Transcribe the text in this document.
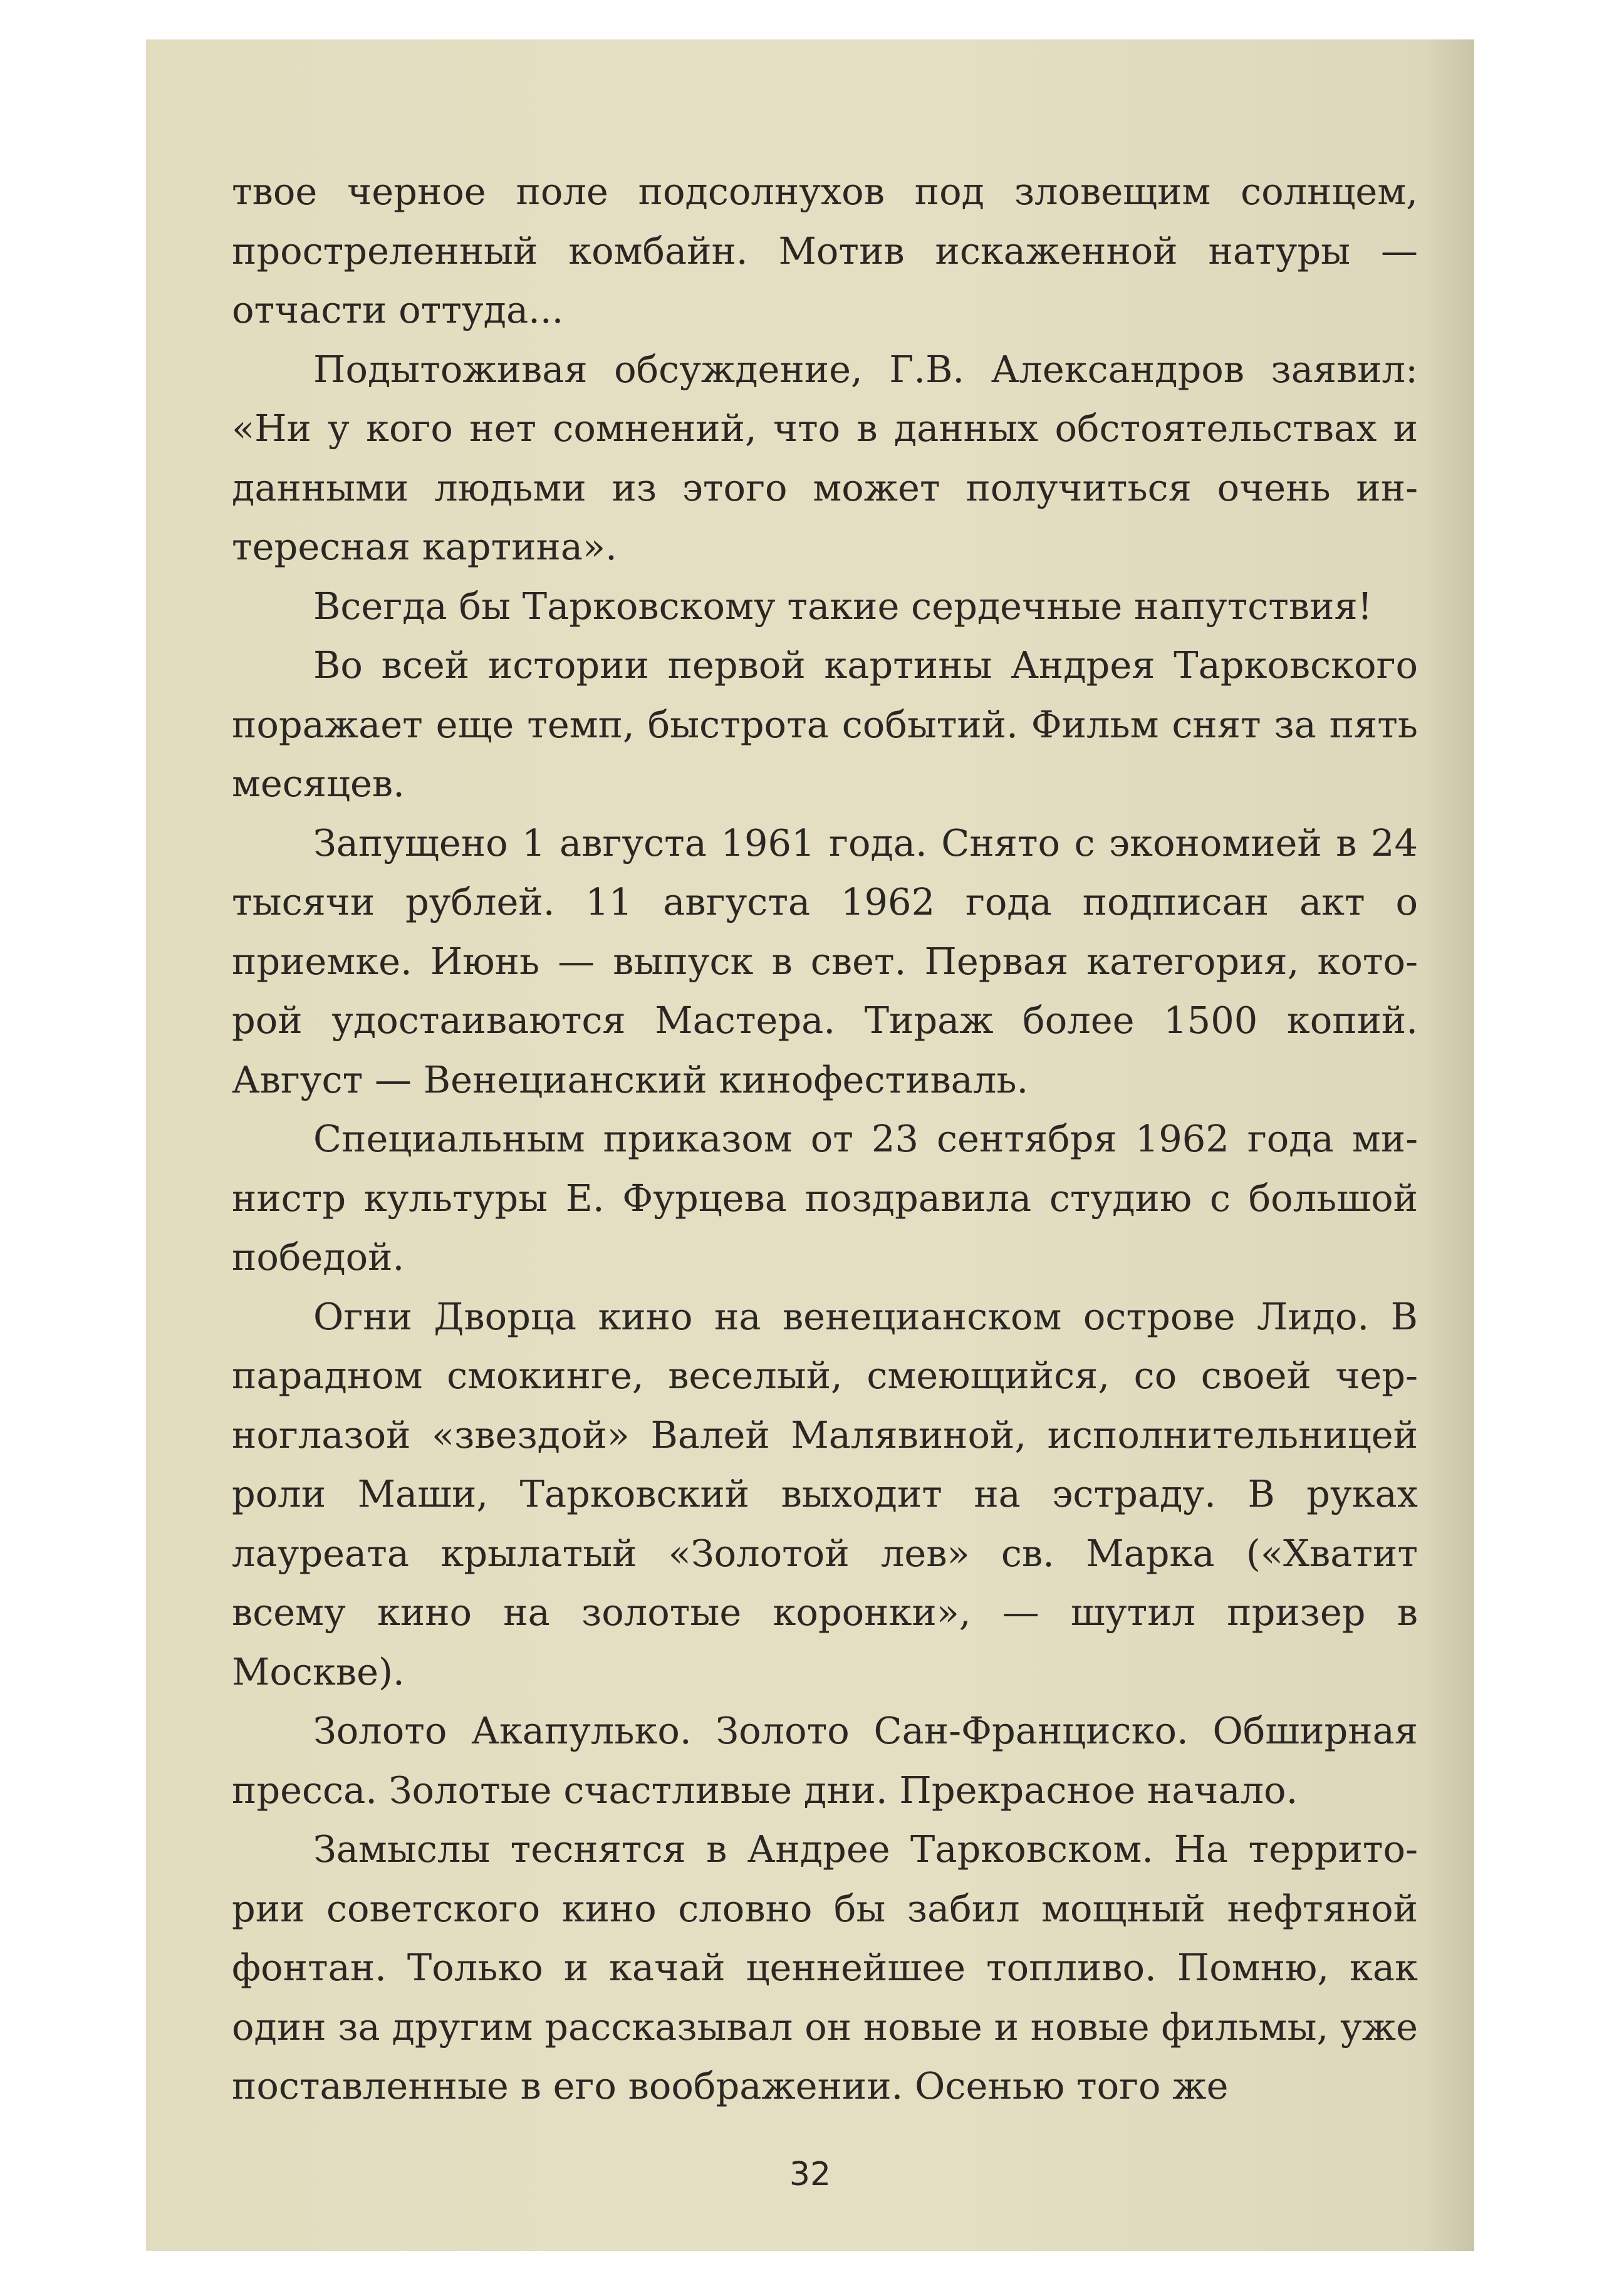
твое черное поле подсолнухов под зловещим солнцем, простреленный комбайн. Мотив искаженной натуры — отчасти оттуда...

Подытоживая обсуждение, Г.В. Александров заявил: «Ни у кого нет сомнений, что в данных обстоятельствах и данными людьми из этого может получиться очень интересная картина».

Всегда бы Тарковскому такие сердечные напутствия!

Во всей истории первой картины Андрея Тарковского поражает еще темп, быстрота событий. Фильм снят за пять месяцев.

Запущено 1 августа 1961 года. Снято с экономией в 24 тысячи рублей. 11 августа 1962 года подписан акт о приемке. Июнь — выпуск в свет. Первая категория, которой удостаиваются Мастера. Тираж более 1500 копий. Август — Венецианский кинофестиваль.

Специальным приказом от 23 сентября 1962 года министр культуры Е. Фурцева поздравила студию с большой победой.

Огни Дворца кино на венецианском острове Лидо. В парадном смокинге, веселый, смеющийся, со своей черноглазой «звездой» Валей Малявиной, исполнительницей роли Маши, Тарковский выходит на эстраду. В руках лауреата крылатый «Золотой лев» св. Марка («Хватит всему кино на золотые коронки», — шутил призер в Москве).

Золото Акапулько. Золото Сан-Франциско. Обширная пресса. Золотые счастливые дни. Прекрасное начало.

Замыслы теснятся в Андрее Тарковском. На территории советского кино словно бы забил мощный нефтяной фонтан. Только и качай ценнейшее топливо. Помню, как один за другим рассказывал он новые и новые фильмы, уже поставленные в его воображении. Осенью того же

32
